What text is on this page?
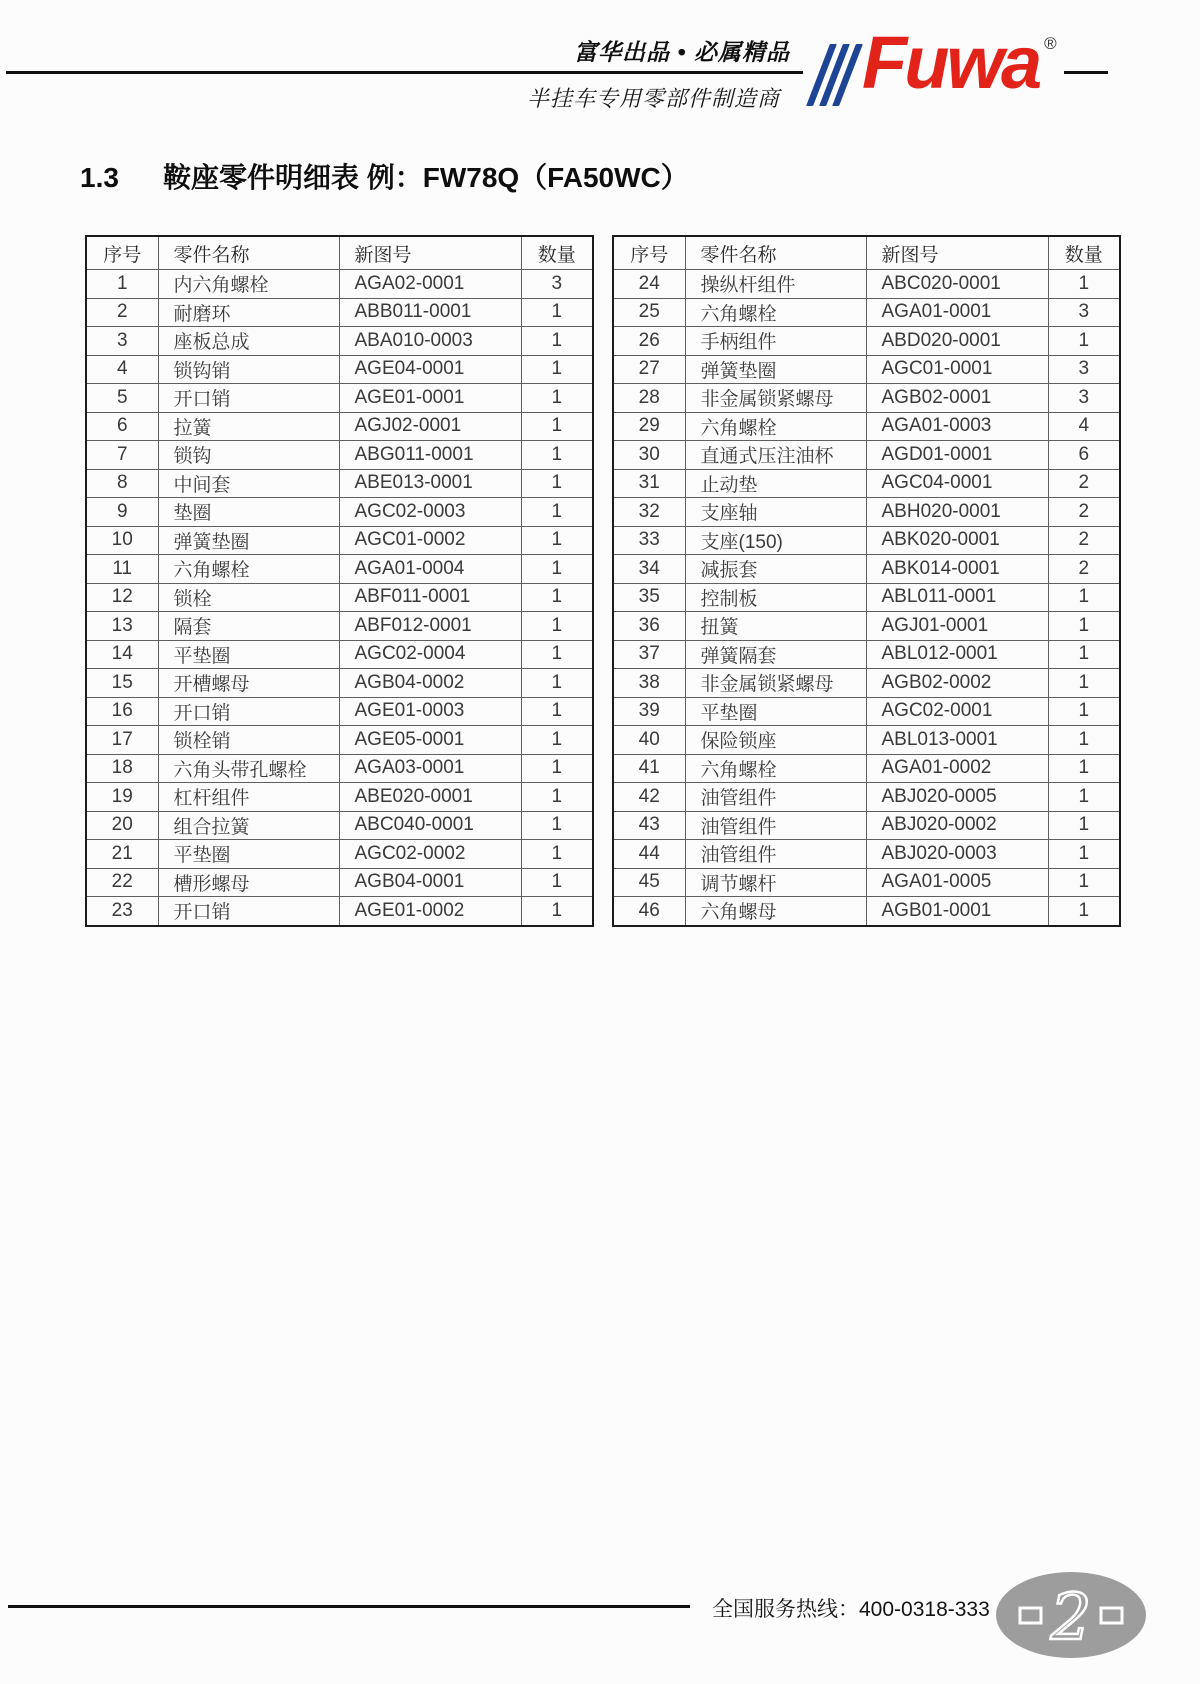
富华出品 • 必属精品
半挂车专用零部件制造商 Fuwa ®
1.3 鞍座零件明细表 例：FW78Q（FA50WC）
序号	零件名称	新图号	数量
1	内六角螺栓	AGA02-0001	3
2	耐磨环	ABB011-0001	1
3	座板总成	ABA010-0003	1
4	锁钩销	AGE04-0001	1
5	开口销	AGE01-0001	1
6	拉簧	AGJ02-0001	1
7	锁钩	ABG011-0001	1
8	中间套	ABE013-0001	1
9	垫圈	AGC02-0003	1
10	弹簧垫圈	AGC01-0002	1
11	六角螺栓	AGA01-0004	1
12	锁栓	ABF011-0001	1
13	隔套	ABF012-0001	1
14	平垫圈	AGC02-0004	1
15	开槽螺母	AGB04-0002	1
16	开口销	AGE01-0003	1
17	锁栓销	AGE05-0001	1
18	六角头带孔螺栓	AGA03-0001	1
19	杠杆组件	ABE020-0001	1
20	组合拉簧	ABC040-0001	1
21	平垫圈	AGC02-0002	1
22	槽形螺母	AGB04-0001	1
23	开口销	AGE01-0002	1
序号	零件名称	新图号	数量
24	操纵杆组件	ABC020-0001	1
25	六角螺栓	AGA01-0001	3
26	手柄组件	ABD020-0001	1
27	弹簧垫圈	AGC01-0001	3
28	非金属锁紧螺母	AGB02-0001	3
29	六角螺栓	AGA01-0003	4
30	直通式压注油杯	AGD01-0001	6
31	止动垫	AGC04-0001	2
32	支座轴	ABH020-0001	2
33	支座(150)	ABK020-0001	2
34	减振套	ABK014-0001	2
35	控制板	ABL011-0001	1
36	扭簧	AGJ01-0001	1
37	弹簧隔套	ABL012-0001	1
38	非金属锁紧螺母	AGB02-0002	1
39	平垫圈	AGC02-0001	1
40	保险锁座	ABL013-0001	1
41	六角螺栓	AGA01-0002	1
42	油管组件	ABJ020-0005	1
43	油管组件	ABJ020-0002	1
44	油管组件	ABJ020-0003	1
45	调节螺杆	AGA01-0005	1
46	六角螺母	AGB01-0001	1
全国服务热线：400-0318-333 2
